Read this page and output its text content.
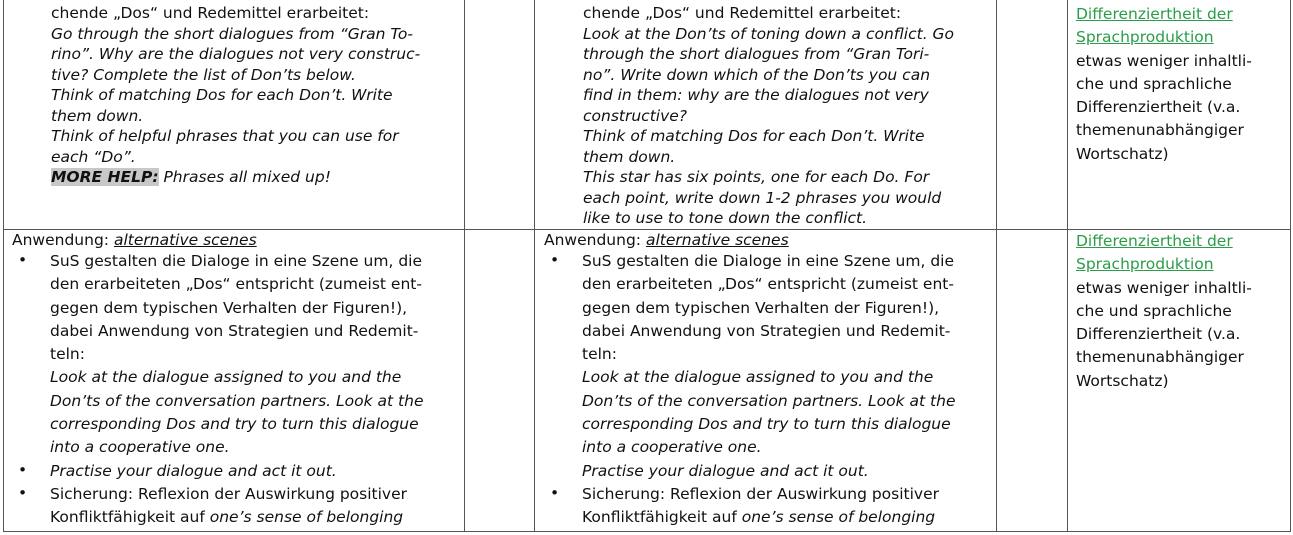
chende „Dos“ und Redemittel erarbeitet:
Go through the short dialogues from “Gran To-
rino”. Why are the dialogues not very construc-
tive? Complete the list of Don’ts below.
Think of matching Dos for each Don’t. Write
them down.
Think of helpful phrases that you can use for
each “Do”.
MORE HELP: Phrases all mixed up!
chende „Dos“ und Redemittel erarbeitet:
Look at the Don’ts of toning down a conflict. Go
through the short dialogues from “Gran Tori-
no”. Write down which of the Don’ts you can
find in them: why are the dialogues not very
constructive?
Think of matching Dos for each Don’t. Write
them down.
This star has six points, one for each Do. For
each point, write down 1-2 phrases you would
like to use to tone down the conflict.
Differenziertheit der
Sprachproduktion
etwas weniger inhaltli-
che und sprachliche
Differenziertheit (v.a.
themenunabhängiger
Wortschatz)
Anwendung: alternative scenes
• SuS gestalten die Dialoge in eine Szene um, die
den erarbeiteten „Dos“ entspricht (zumeist ent-
gegen dem typischen Verhalten der Figuren!),
dabei Anwendung von Strategien und Redemit-
teln:
Look at the dialogue assigned to you and the
Don’ts of the conversation partners. Look at the
corresponding Dos and try to turn this dialogue
into a cooperative one.
• Practise your dialogue and act it out.
• Sicherung: Reflexion der Auswirkung positiver
Konfliktfähigkeit auf one’s sense of belonging
Anwendung: alternative scenes
• SuS gestalten die Dialoge in eine Szene um, die
den erarbeiteten „Dos“ entspricht (zumeist ent-
gegen dem typischen Verhalten der Figuren!),
dabei Anwendung von Strategien und Redemit-
teln:
Look at the dialogue assigned to you and the
Don’ts of the conversation partners. Look at the
corresponding Dos and try to turn this dialogue
into a cooperative one.
Practise your dialogue and act it out.
• Sicherung: Reflexion der Auswirkung positiver
Konfliktfähigkeit auf one’s sense of belonging
Differenziertheit der
Sprachproduktion
etwas weniger inhaltli-
che und sprachliche
Differenziertheit (v.a.
themenunabhängiger
Wortschatz)
